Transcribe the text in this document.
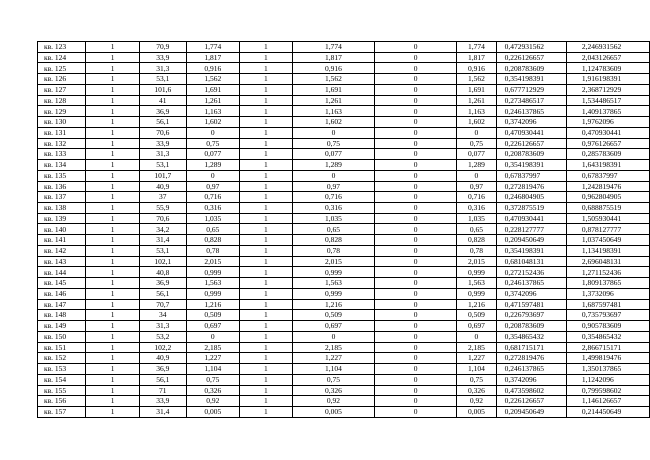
кв. 123	1	70,9	1,774	1	1,774	0	1,774	0,472931562	2,246931562
кв. 124	1	33,9	1,817	1	1,817	0	1,817	0,226126657	2,043126657
кв. 125	1	31,3	0,916	1	0,916	0	0,916	0,208783609	1,124783609
кв. 126	1	53,1	1,562	1	1,562	0	1,562	0,354198391	1,916198391
кв. 127	1	101,6	1,691	1	1,691	0	1,691	0,677712929	2,368712929
кв. 128	1	41	1,261	1	1,261	0	1,261	0,273486517	1,534486517
кв. 129	1	36,9	1,163	1	1,163	0	1,163	0,246137865	1,409137865
кв. 130	1	56,1	1,602	1	1,602	0	1,602	0,3742096	1,9762096
кв. 131	1	70,6	0	1	0	0	0	0,470930441	0,470930441
кв. 132	1	33,9	0,75	1	0,75	0	0,75	0,226126657	0,976126657
кв. 133	1	31,3	0,077	1	0,077	0	0,077	0,208783609	0,285783609
кв. 134	1	53,1	1,289	1	1,289	0	1,289	0,354198391	1,643198391
кв. 135	1	101,7	0	1	0	0	0	0,67837997	0,67837997
кв. 136	1	40,9	0,97	1	0,97	0	0,97	0,272819476	1,242819476
кв. 137	1	37	0,716	1	0,716	0	0,716	0,246804905	0,962804905
кв. 138	1	55,9	0,316	1	0,316	0	0,316	0,372875519	0,688875519
кв. 139	1	70,6	1,035	1	1,035	0	1,035	0,470930441	1,505930441
кв. 140	1	34,2	0,65	1	0,65	0	0,65	0,228127777	0,878127777
кв. 141	1	31,4	0,828	1	0,828	0	0,828	0,209450649	1,037450649
кв. 142	1	53,1	0,78	1	0,78	0	0,78	0,354198391	1,134198391
кв. 143	1	102,1	2,015	1	2,015	0	2,015	0,681048131	2,696048131
кв. 144	1	40,8	0,999	1	0,999	0	0,999	0,272152436	1,271152436
кв. 145	1	36,9	1,563	1	1,563	0	1,563	0,246137865	1,809137865
кв. 146	1	56,1	0,999	1	0,999	0	0,999	0,3742096	1,3732096
кв. 147	1	70,7	1,216	1	1,216	0	1,216	0,471597481	1,687597481
кв. 148	1	34	0,509	1	0,509	0	0,509	0,226793697	0,735793697
кв. 149	1	31,3	0,697	1	0,697	0	0,697	0,208783609	0,905783609
кв. 150	1	53,2	0	1	0	0	0	0,354865432	0,354865432
кв. 151	1	102,2	2,185	1	2,185	0	2,185	0,681715171	2,866715171
кв. 152	1	40,9	1,227	1	1,227	0	1,227	0,272819476	1,499819476
кв. 153	1	36,9	1,104	1	1,104	0	1,104	0,246137865	1,350137865
кв. 154	1	56,1	0,75	1	0,75	0	0,75	0,3742096	1,1242096
кв. 155	1	71	0,326	1	0,326	0	0,326	0,473598602	0,799598602
кв. 156	1	33,9	0,92	1	0,92	0	0,92	0,226126657	1,146126657
кв. 157	1	31,4	0,005	1	0,005	0	0,005	0,209450649	0,214450649
